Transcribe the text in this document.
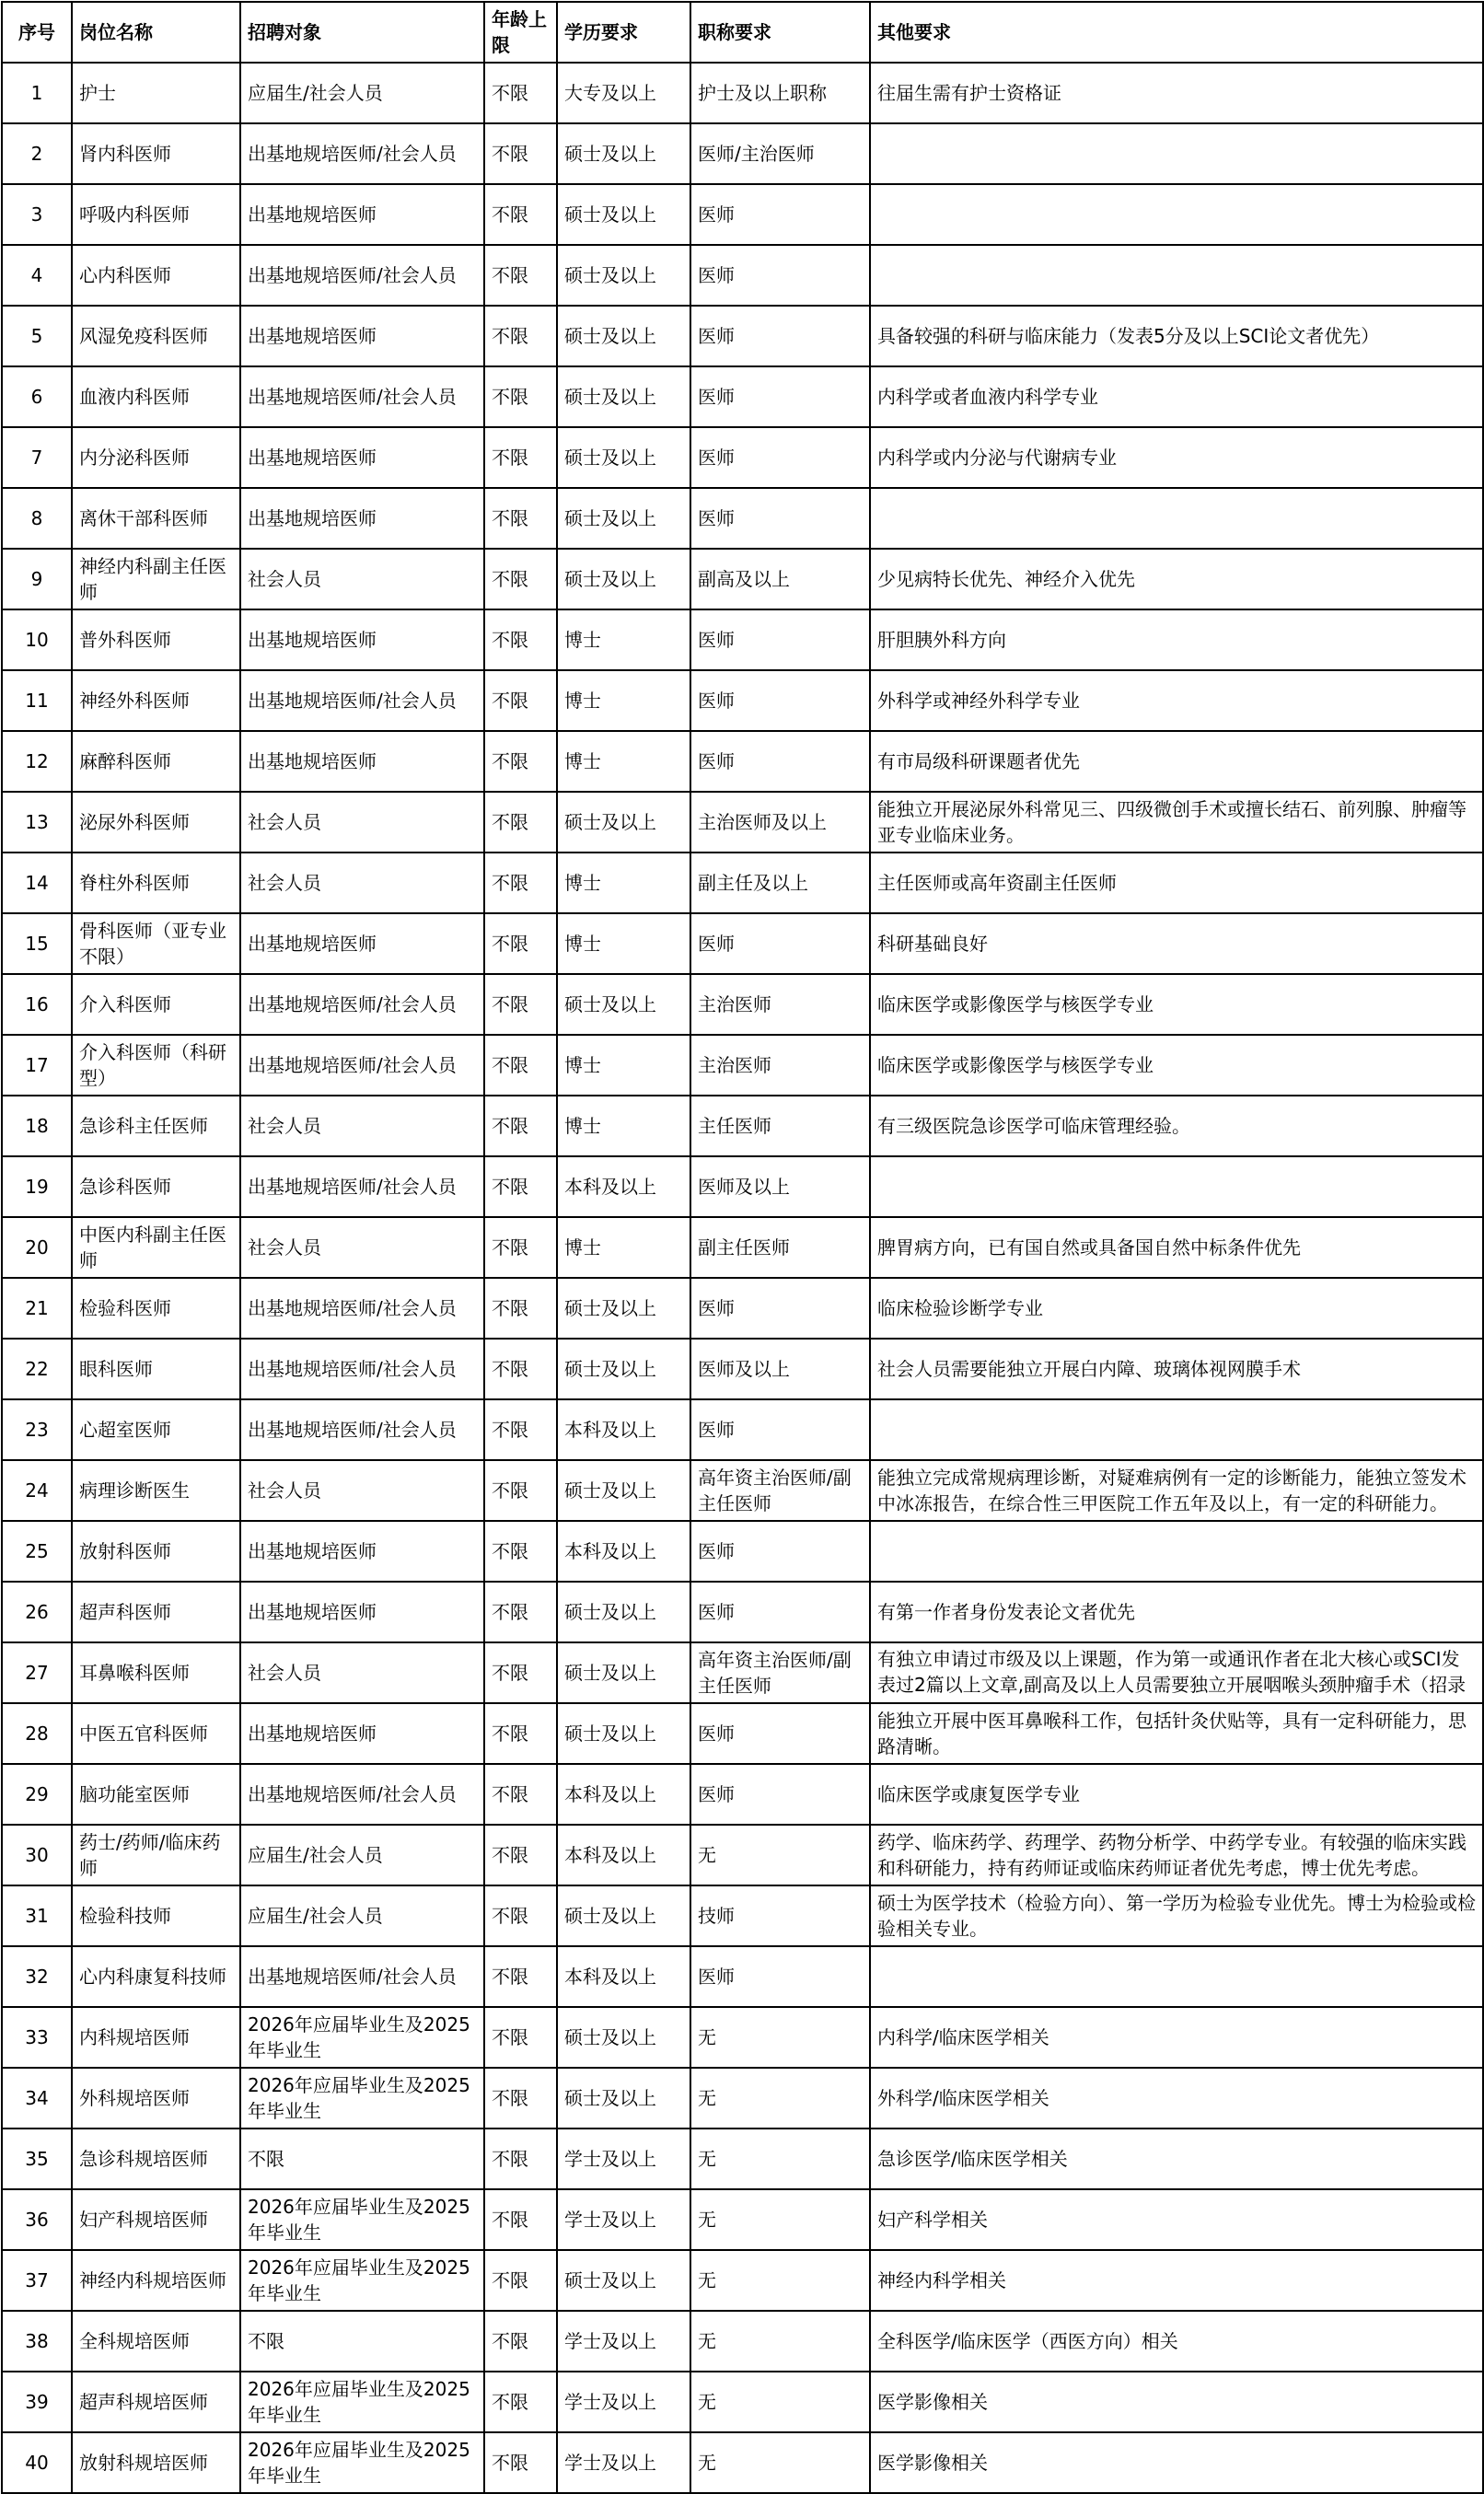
序号	岗位名称	招聘对象	年龄上限	学历要求	职称要求	其他要求

1	护士	应届生/社会人员	不限	大专及以上	护士及以上职称	往届生需有护士资格证

2	肾内科医师	出基地规培医师/社会人员	不限	硕士及以上	医师/主治医师	

3	呼吸内科医师	出基地规培医师	不限	硕士及以上	医师	

4	心内科医师	出基地规培医师/社会人员	不限	硕士及以上	医师	

5	风湿免疫科医师	出基地规培医师	不限	硕士及以上	医师	具备较强的科研与临床能力（发表5分及以上SCI论文者优先）

6	血液内科医师	出基地规培医师/社会人员	不限	硕士及以上	医师	内科学或者血液内科学专业

7	内分泌科医师	出基地规培医师	不限	硕士及以上	医师	内科学或内分泌与代谢病专业

8	离休干部科医师	出基地规培医师	不限	硕士及以上	医师	

9	神经内科副主任医师	社会人员	不限	硕士及以上	副高及以上	少见病特长优先、神经介入优先

10	普外科医师	出基地规培医师	不限	博士	医师	肝胆胰外科方向

11	神经外科医师	出基地规培医师/社会人员	不限	博士	医师	外科学或神经外科学专业

12	麻醉科医师	出基地规培医师	不限	博士	医师	有市局级科研课题者优先

13	泌尿外科医师	社会人员	不限	硕士及以上	主治医师及以上	能独立开展泌尿外科常见三、四级微创手术或擅长结石、前列腺、肿瘤等亚专业临床业务。

14	脊柱外科医师	社会人员	不限	博士	副主任及以上	主任医师或高年资副主任医师

15	骨科医师（亚专业不限）	出基地规培医师	不限	博士	医师	科研基础良好

16	介入科医师	出基地规培医师/社会人员	不限	硕士及以上	主治医师	临床医学或影像医学与核医学专业

17	介入科医师（科研型）	出基地规培医师/社会人员	不限	博士	主治医师	临床医学或影像医学与核医学专业

18	急诊科主任医师	社会人员	不限	博士	主任医师	有三级医院急诊医学可临床管理经验。

19	急诊科医师	出基地规培医师/社会人员	不限	本科及以上	医师及以上	

20	中医内科副主任医师	社会人员	不限	博士	副主任医师	脾胃病方向，已有国自然或具备国自然中标条件优先

21	检验科医师	出基地规培医师/社会人员	不限	硕士及以上	医师	临床检验诊断学专业

22	眼科医师	出基地规培医师/社会人员	不限	硕士及以上	医师及以上	社会人员需要能独立开展白内障、玻璃体视网膜手术

23	心超室医师	出基地规培医师/社会人员	不限	本科及以上	医师	

24	病理诊断医生	社会人员	不限	硕士及以上	高年资主治医师/副主任医师	能独立完成常规病理诊断，对疑难病例有一定的诊断能力，能独立签发术中冰冻报告，在综合性三甲医院工作五年及以上，有一定的科研能力。

25	放射科医师	出基地规培医师	不限	本科及以上	医师	

26	超声科医师	出基地规培医师	不限	硕士及以上	医师	有第一作者身份发表论文者优先

27	耳鼻喉科医师	社会人员	不限	硕士及以上	高年资主治医师/副主任医师	有独立申请过市级及以上课题，作为第一或通讯作者在北大核心或SCI发表过2篇以上文章,副高及以上人员需要独立开展咽喉头颈肿瘤手术（招录

28	中医五官科医师	出基地规培医师	不限	硕士及以上	医师	能独立开展中医耳鼻喉科工作，包括针灸伏贴等，具有一定科研能力，思路清晰。

29	脑功能室医师	出基地规培医师/社会人员	不限	本科及以上	医师	临床医学或康复医学专业

30	药士/药师/临床药师	应届生/社会人员	不限	本科及以上	无	药学、临床药学、药理学、药物分析学、中药学专业。有较强的临床实践和科研能力，持有药师证或临床药师证者优先考虑，博士优先考虑。

31	检验科技师	应届生/社会人员	不限	硕士及以上	技师	硕士为医学技术（检验方向）、第一学历为检验专业优先。博士为检验或检验相关专业。

32	心内科康复科技师	出基地规培医师/社会人员	不限	本科及以上	医师	

33	内科规培医师	2026年应届毕业生及2025年毕业生	不限	硕士及以上	无	内科学/临床医学相关

34	外科规培医师	2026年应届毕业生及2025年毕业生	不限	硕士及以上	无	外科学/临床医学相关

35	急诊科规培医师	不限	不限	学士及以上	无	急诊医学/临床医学相关

36	妇产科规培医师	2026年应届毕业生及2025年毕业生	不限	学士及以上	无	妇产科学相关

37	神经内科规培医师	2026年应届毕业生及2025年毕业生	不限	硕士及以上	无	神经内科学相关

38	全科规培医师	不限	不限	学士及以上	无	全科医学/临床医学（西医方向）相关

39	超声科规培医师	2026年应届毕业生及2025年毕业生	不限	学士及以上	无	医学影像相关

40	放射科规培医师	2026年应届毕业生及2025年毕业生	不限	学士及以上	无	医学影像相关
